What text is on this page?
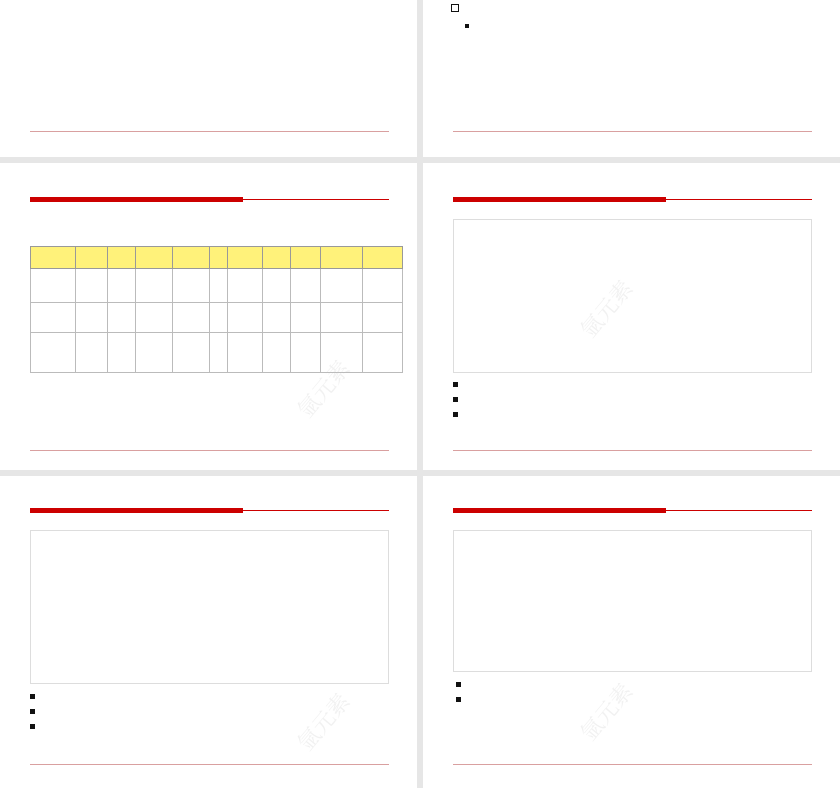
氩元素
氩元素
氩元素	氩元素
